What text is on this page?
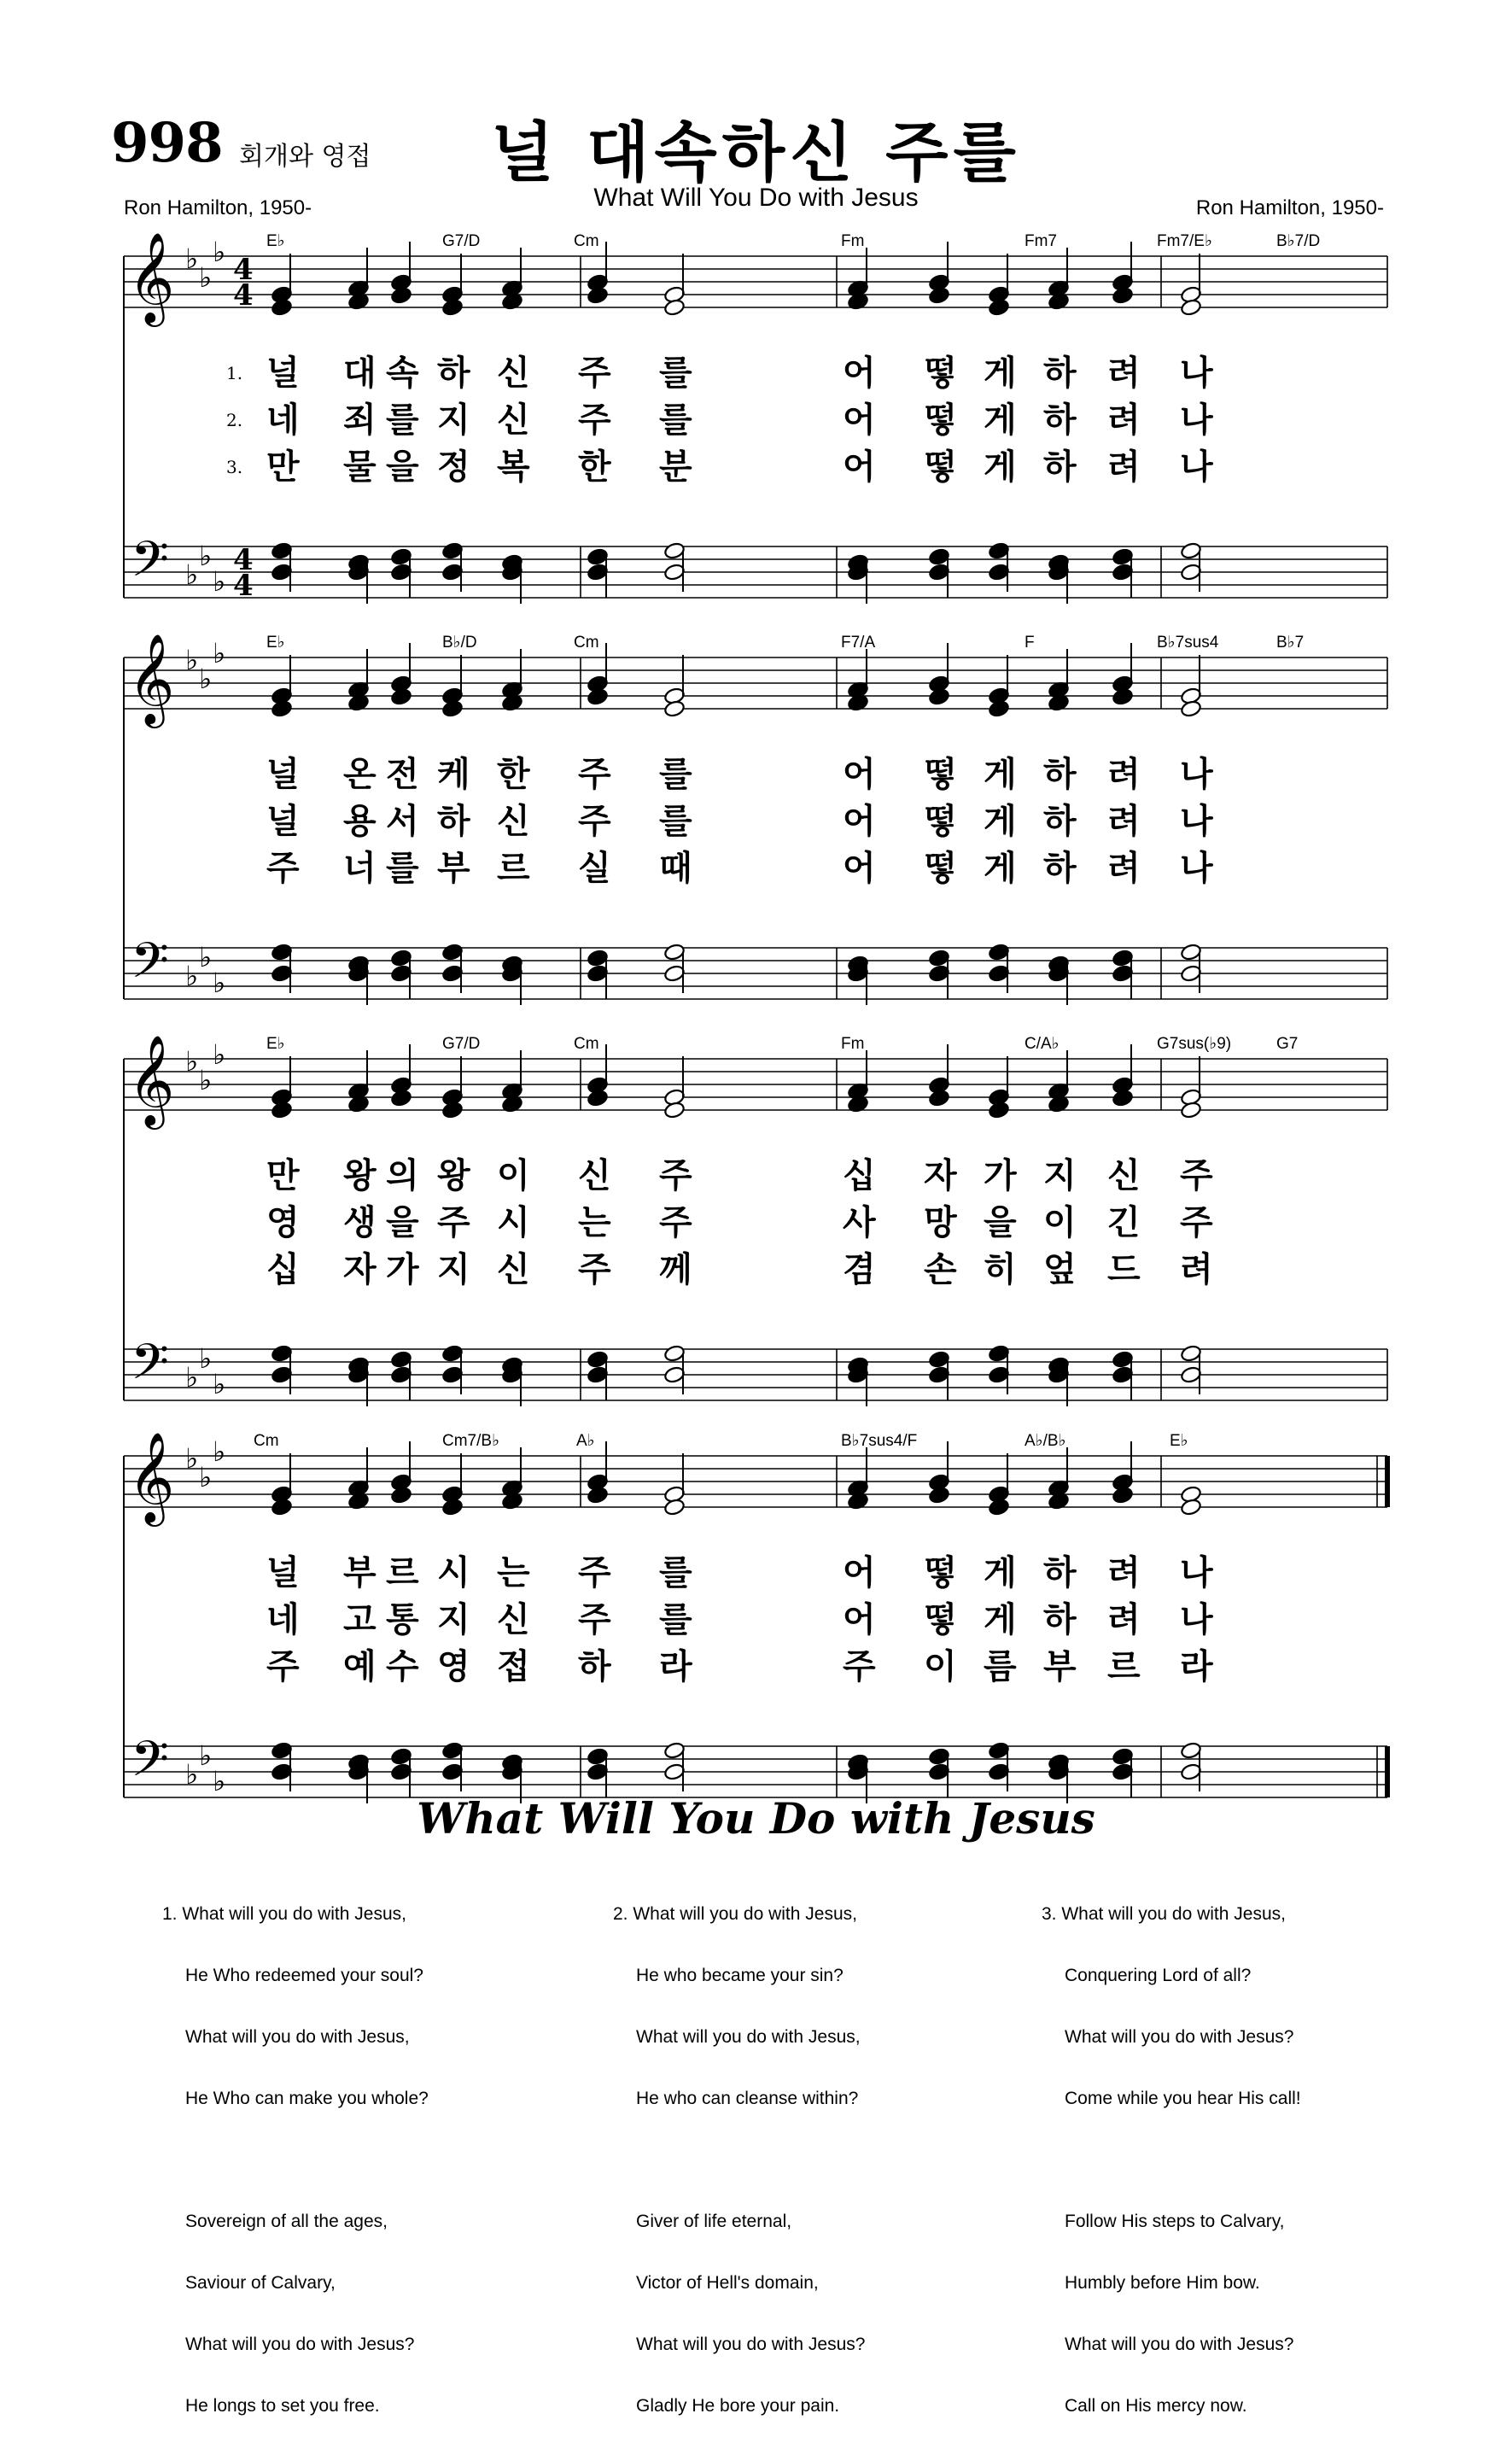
998 회개와 영접	널 대속하신 주를
What Will You Do with Jesus
Ron Hamilton, 1950-	Ron Hamilton, 1950-
𝄞
𝄢
♭
♭
♭
♭
♭
♭
4
4
4
4
E♭	G7/D	Cm	Fm	Fm7	Fm7/E♭	B♭7/D
1. 널 대 속 하 신 주 를	어 떻 게 하 려 나
2. 네 죄 를 지 신 주 를	어 떻 게 하 려 나
3. 만 물 을 정 복 한 분	어 떻 게 하 려 나
𝄞
𝄢
♭
♭
♭
♭
♭
♭
E♭	B♭/D	Cm	F7/A	F	B♭7sus4	B♭7
널 온 전 케 한 주 를	어 떻 게 하 려 나
널 용 서 하 신 주 를	어 떻 게 하 려 나
주 너 를 부 르 실 때	어 떻 게 하 려 나
𝄞
𝄢
♭
♭
♭
♭
♭
♭
E♭	G7/D	Cm	Fm	C/A♭	G7sus(♭9)	G7
만 왕 의 왕 이 신 주	십 자 가 지 신 주
영 생 을 주 시 는 주	사 망 을 이 긴 주
십 자 가 지 신 주 께	겸 손 히 엎 드 려
𝄞
𝄢
♭
♭
♭
♭
♭
♭
Cm	Cm7/B♭	A♭	B♭7sus4/F	A♭/B♭	E♭
널 부 르 시 는 주 를	어 떻 게 하 려 나
네 고 통 지 신 주 를	어 떻 게 하 려 나
주 예 수 영 접 하 라	주 이 름 부 르 라
What Will You Do with Jesus

1. What will you do with Jesus,

He Who redeemed your soul?

What will you do with Jesus,

He Who can make you whole?

Sovereign of all the ages,

Saviour of Calvary,

What will you do with Jesus?

He longs to set you free.

2. What will you do with Jesus,

He who became your sin?

What will you do with Jesus,

He who can cleanse within?

Giver of life eternal,

Victor of Hell's domain,

What will you do with Jesus?

Gladly He bore your pain.

3. What will you do with Jesus,

Conquering Lord of all?

What will you do with Jesus?

Come while you hear His call!

Follow His steps to Calvary,

Humbly before Him bow.

What will you do with Jesus?

Call on His mercy now.
